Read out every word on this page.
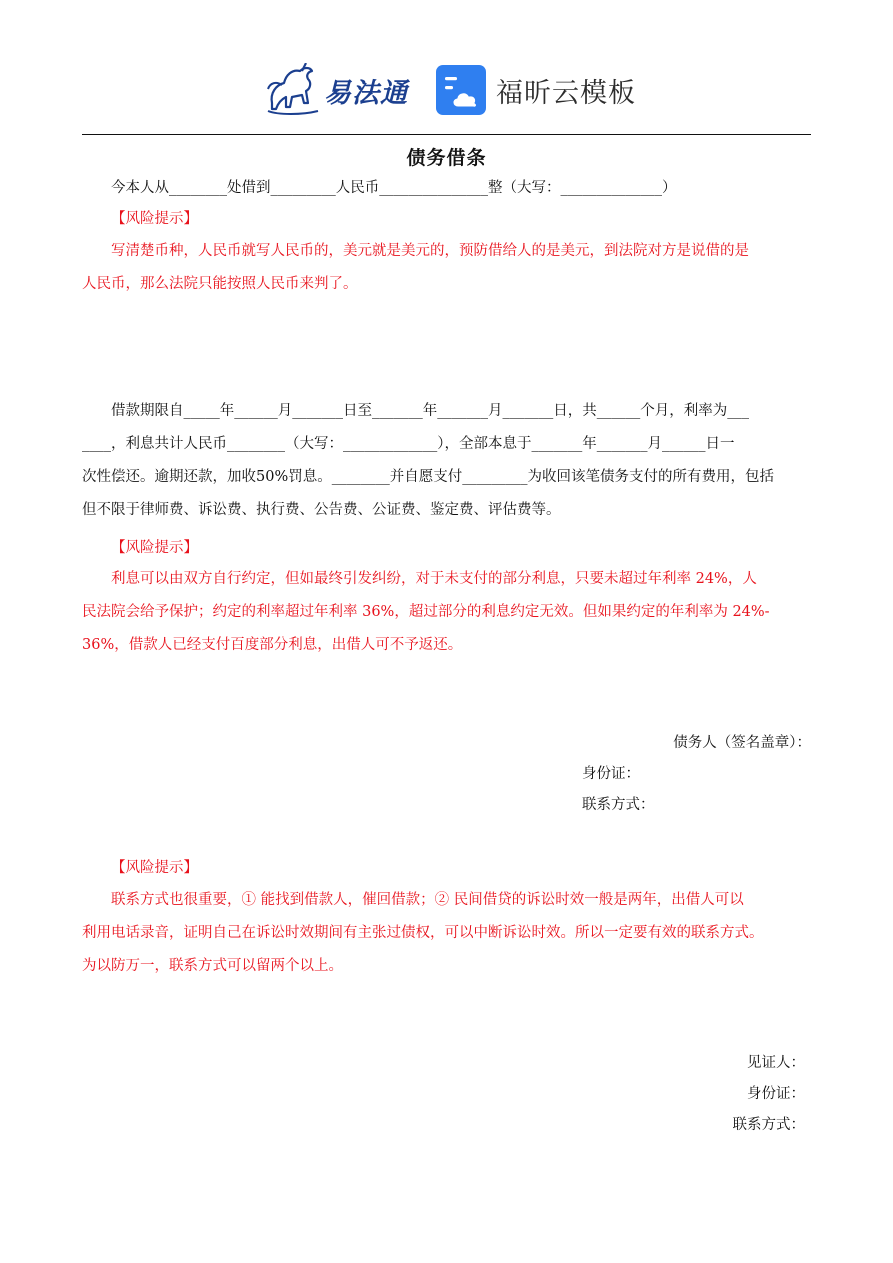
易法通	福昕云模板
债务借条
今本人从________处借到_________人民币_______________整（大写：______________）
【风险提示】
写清楚币种，人民币就写人民币的，美元就是美元的，预防借给人的是美元，到法院对方是说借的是
人民币，那么法院只能按照人民币来判了。
借款期限自_____年______月_______日至_______年_______月_______日，共______个月，利率为___
____，利息共计人民币________（大写：_____________），全部本息于_______年_______月______日一
次性偿还。逾期还款，加收50%罚息。________并自愿支付_________为收回该笔债务支付的所有费用，包括
但不限于律师费、诉讼费、执行费、公告费、公证费、鉴定费、评估费等。
【风险提示】
利息可以由双方自行约定，但如最终引发纠纷，对于未支付的部分利息，只要未超过年利率 24%，人
民法院会给予保护；约定的利率超过年利率 36%，超过部分的利息约定无效。但如果约定的年利率为 24%-
36%，借款人已经支付百度部分利息，出借人可不予返还。
债务人（签名盖章）：
身份证：
联系方式：
【风险提示】
联系方式也很重要，① 能找到借款人，催回借款；② 民间借贷的诉讼时效一般是两年，出借人可以
利用电话录音，证明自己在诉讼时效期间有主张过债权，可以中断诉讼时效。所以一定要有效的联系方式。
为以防万一，联系方式可以留两个以上。
见证人：
身份证：
联系方式：
